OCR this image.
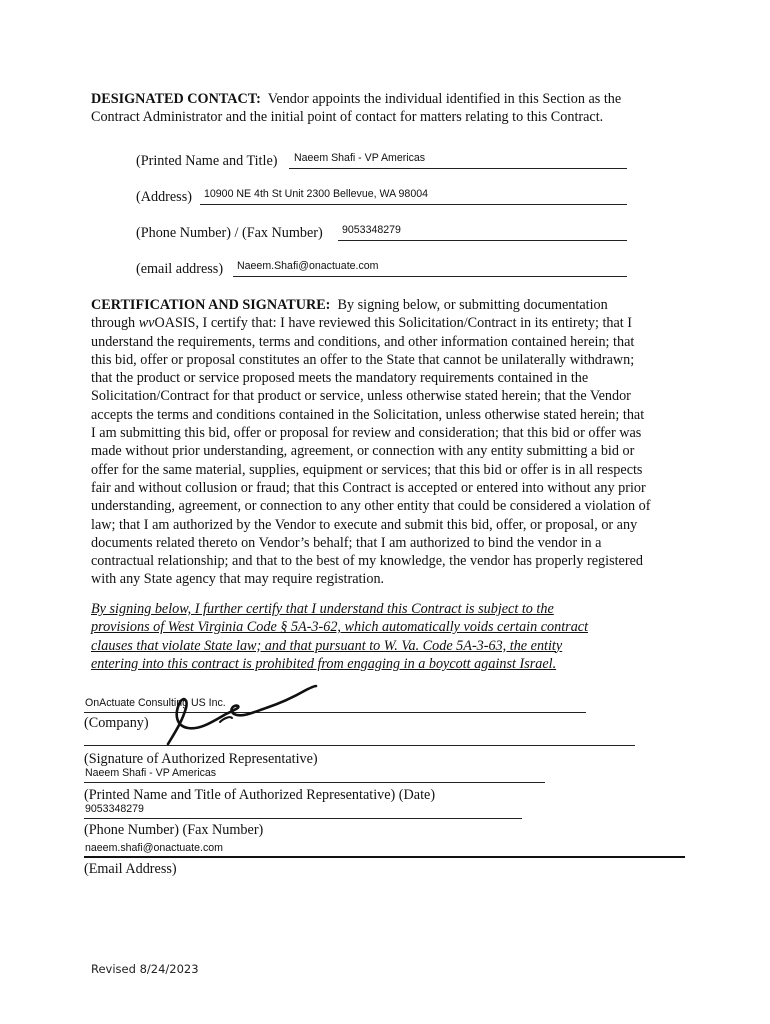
DESIGNATED CONTACT: Vendor appoints the individual identified in this Section as the
Contract Administrator and the initial point of contact for matters relating to this Contract.
(Printed Name and Title) Naeem Shafi - VP Americas
(Address) 10900 NE 4th St Unit 2300 Bellevue, WA 98004
(Phone Number) / (Fax Number) 9053348279
(email address) Naeem.Shafi@onactuate.com
CERTIFICATION AND SIGNATURE: By signing below, or submitting documentation
through wvOASIS, I certify that: I have reviewed this Solicitation/Contract in its entirety; that I
understand the requirements, terms and conditions, and other information contained herein; that
this bid, offer or proposal constitutes an offer to the State that cannot be unilaterally withdrawn;
that the product or service proposed meets the mandatory requirements contained in the
Solicitation/Contract for that product or service, unless otherwise stated herein; that the Vendor
accepts the terms and conditions contained in the Solicitation, unless otherwise stated herein; that
I am submitting this bid, offer or proposal for review and consideration; that this bid or offer was
made without prior understanding, agreement, or connection with any entity submitting a bid or
offer for the same material, supplies, equipment or services; that this bid or offer is in all respects
fair and without collusion or fraud; that this Contract is accepted or entered into without any prior
understanding, agreement, or connection to any other entity that could be considered a violation of
law; that I am authorized by the Vendor to execute and submit this bid, offer, or proposal, or any
documents related thereto on Vendor’s behalf; that I am authorized to bind the vendor in a
contractual relationship; and that to the best of my knowledge, the vendor has properly registered
with any State agency that may require registration.
By signing below, I further certify that I understand this Contract is subject to the
provisions of West Virginia Code § 5A-3-62, which automatically voids certain contract
clauses that violate State law; and that pursuant to W. Va. Code 5A-3-63, the entity
entering into this contract is prohibited from engaging in a boycott against Israel.
OnActuate Consulting US Inc.
(Company)
(Signature of Authorized Representative)
Naeem Shafi - VP Americas
(Printed Name and Title of Authorized Representative) (Date)
9053348279
(Phone Number) (Fax Number)
naeem.shafi@onactuate.com
(Email Address)
Revised 8/24/2023
